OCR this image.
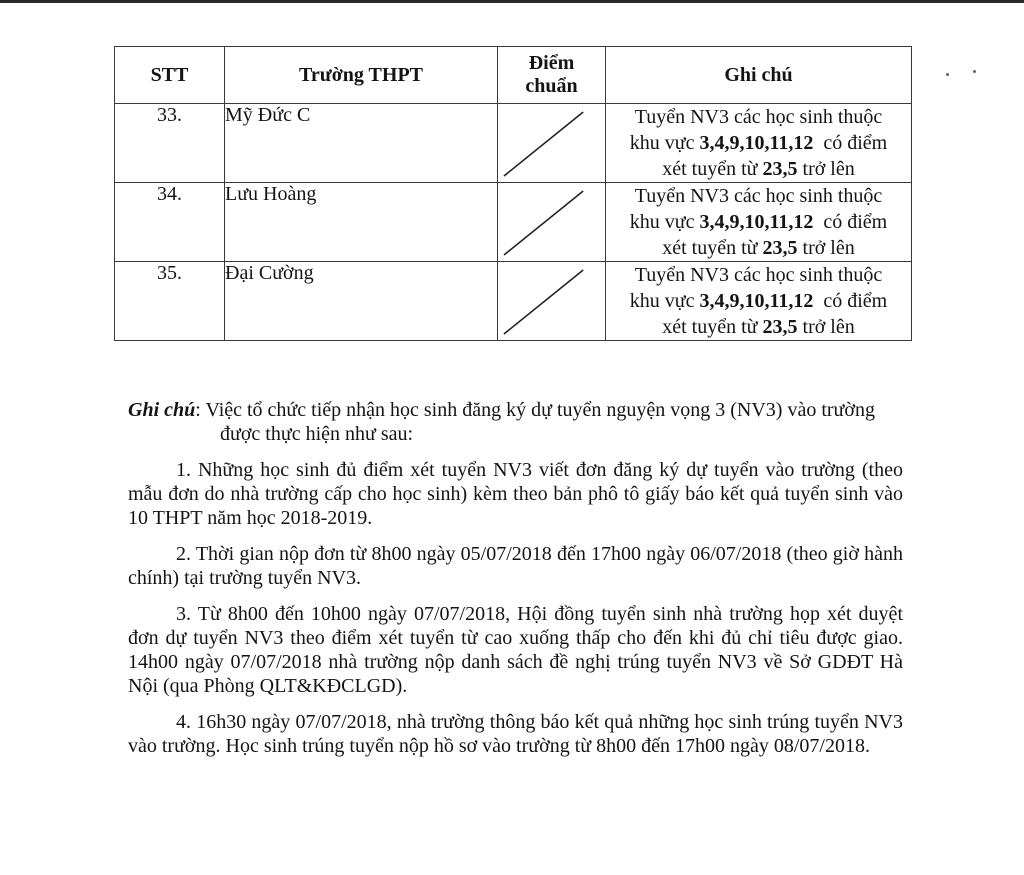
STT	Trường THPT	Điểm chuẩn	Ghi chú
33.	Mỹ Đức C		Tuyển NV3 các học sinh thuộc
khu vực 3,4,9,10,11,12  có điểm
xét tuyển từ 23,5 trở lên

34.	Lưu Hoàng		Tuyển NV3 các học sinh thuộc
khu vực 3,4,9,10,11,12  có điểm
xét tuyển từ 23,5 trở lên

35.	Đại Cường		Tuyển NV3 các học sinh thuộc
khu vực 3,4,9,10,11,12  có điểm
xét tuyển từ 23,5 trở lên

Ghi chú: Việc tổ chức tiếp nhận học sinh đăng ký dự tuyển nguyện vọng 3 (NV3) vào trường được thực hiện như sau:

1. Những học sinh đủ điểm xét tuyển NV3 viết đơn đăng ký dự tuyển vào trường (theo mẫu đơn do nhà trường cấp cho học sinh) kèm theo bản phô tô giấy báo kết quả tuyển sinh vào 10 THPT năm học 2018-2019.

2. Thời gian nộp đơn từ 8h00 ngày 05/07/2018 đến 17h00 ngày 06/07/2018 (theo giờ hành chính) tại trường tuyển NV3.

3. Từ 8h00 đến 10h00 ngày 07/07/2018, Hội đồng tuyển sinh nhà trường họp xét duyệt đơn dự tuyển NV3 theo điểm xét tuyển từ cao xuống thấp cho đến khi đủ chỉ tiêu được giao. 14h00 ngày 07/07/2018 nhà trường nộp danh sách đề nghị trúng tuyển NV3 về Sở GDĐT Hà Nội (qua Phòng QLT&KĐCLGD).

4. 16h30 ngày 07/07/2018, nhà trường thông báo kết quả những học sinh trúng tuyển NV3 vào trường. Học sinh trúng tuyển nộp hồ sơ vào trường từ 8h00 đến 17h00 ngày 08/07/2018.
